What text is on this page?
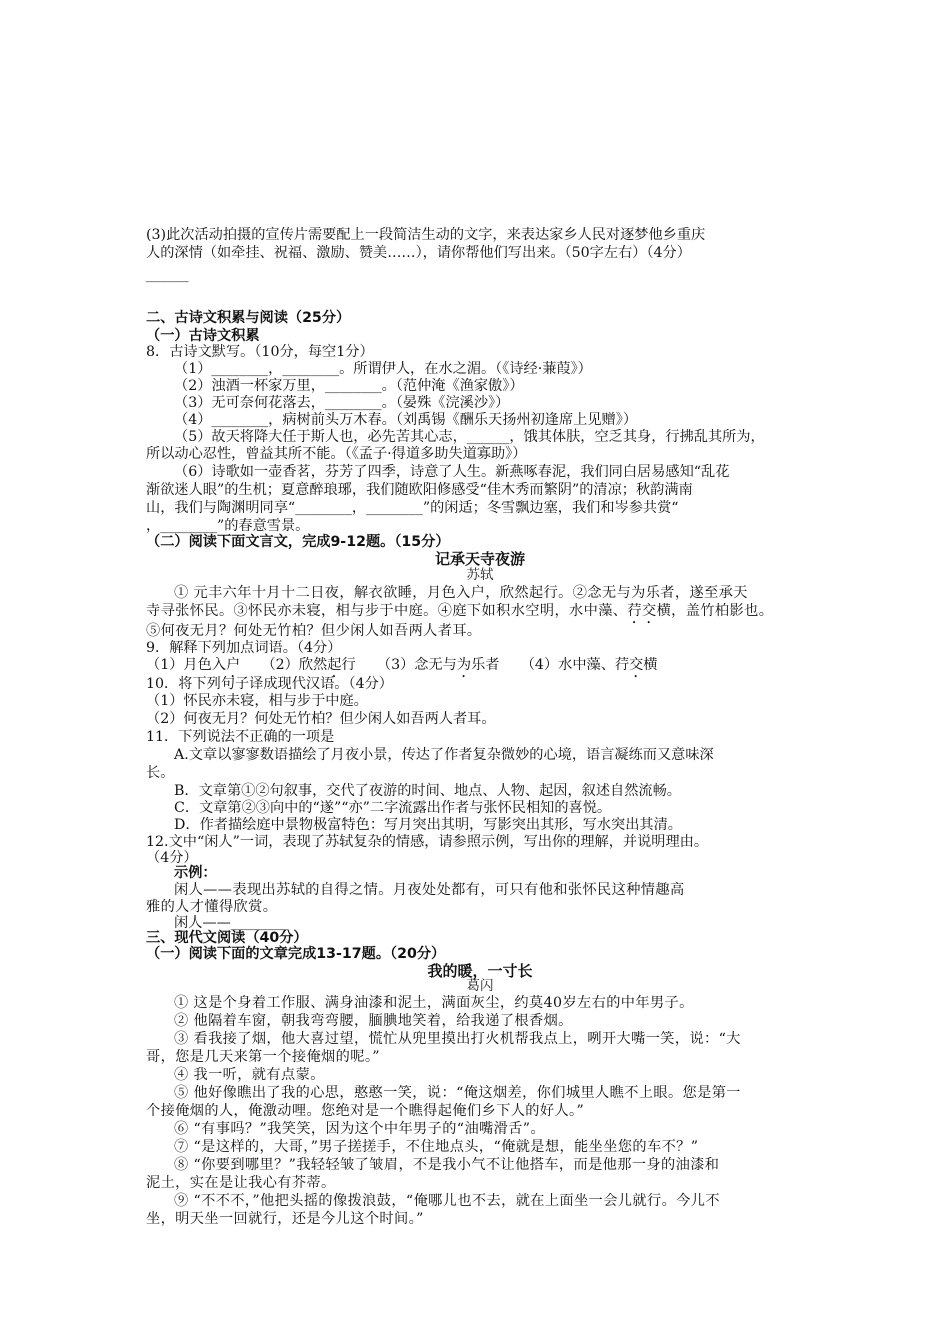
(3)此次活动拍摄的宣传片需要配上一段简洁生动的文字，来表达家乡人民对逐梦他乡重庆
人的深情（如牵挂、祝福、激励、赞美……），请你帮他们写出来。（50字左右）（4分）
______
二、古诗文积累与阅读（25分）
（一）古诗文积累
8．古诗文默写。（10分，每空1分）
（1）________，________。所谓伊人，在水之湄。（《诗经·蒹葭》）
（2）浊酒一杯家万里，________。（范仲淹《渔家傲》）
（3）无可奈何花落去，________。（晏殊《浣溪沙》）
（4）________，病树前头万木春。（刘禹锡《酬乐天扬州初逢席上见赠》）
（5）故天将降大任于斯人也，必先苦其心志，______，饿其体肤，空乏其身，行拂乱其所为，
所以动心忍性，曾益其所不能。（《孟子·得道多助失道寡助》）
（6）诗歌如一壶香茗，芬芳了四季，诗意了人生。新燕啄春泥，我们同白居易感知“乱花
渐欲迷人眼”的生机；夏意醉琅琊，我们随欧阳修感受“佳木秀而繁阴”的清凉；秋韵满南
山，我们与陶渊明同享“________，________”的闲适；冬雪飘边塞，我们和岑参共赏“
，________”的春意雪景。
（二）阅读下面文言文，完成9-12题。（15分）
记承天寺夜游
苏轼
① 元丰六年十月十二日夜，解衣欲睡，月色入户，欣然起行。②念无与为乐者，遂至承天
寺寻张怀民。③怀民亦未寝，相与步于中庭。④庭下如积水空明，水中藻、荇交横，盖竹柏影也。
⑤何夜无月？何处无竹柏？但少闲人如吾两人者耳。
9．解释下列加点词语。（4分）
（1）月色入户　　（2）欣然起行　　（3）念无与为乐者　　（4）水中藻、荇交横
10．将下列句子译成现代汉语。（4分）
（1）怀民亦未寝，相与步于中庭。
（2）何夜无月？何处无竹柏？但少闲人如吾两人者耳。
11．下列说法不正确的一项是
A.文章以寥寥数语描绘了月夜小景，传达了作者复杂微妙的心境，语言凝练而又意味深
长。
B．文章第①②句叙事，交代了夜游的时间、地点、人物、起因，叙述自然流畅。
C．文章第②③向中的“遂”“亦”二字流露出作者与张怀民相知的喜悦。
D．作者描绘庭中景物极富特色：写月突出其明，写影突出其形，写水突出其清。
12.文中“闲人”一词，表现了苏轼复杂的情感，请参照示例，写出你的理解，并说明理由。
（4分）
示例：
闲人——表现出苏轼的自得之情。月夜处处都有，可只有他和张怀民这种情趣高
雅的人才懂得欣赏。
闲人——________
三、现代文阅读（40分）
（一）阅读下面的文章完成13-17题。（20分）
我的暖，一寸长
葛闪
① 这是个身着工作服、满身油漆和泥土，满面灰尘，约莫40岁左右的中年男子。
② 他隔着车窗，朝我弯弯腰，腼腆地笑着，给我递了根香烟。
③ 看我接了烟，他大喜过望，慌忙从兜里摸出打火机帮我点上，咧开大嘴一笑，说：“大
哥，您是几天来第一个接俺烟的呢。”
④ 我一听，就有点蒙。
⑤ 他好像瞧出了我的心思，憨憨一笑，说：“俺这烟差，你们城里人瞧不上眼。您是第一
个接俺烟的人，俺激动哩。您绝对是一个瞧得起俺们乡下人的好人。”
⑥ “有事吗？”我笑笑，因为这个中年男子的“油嘴滑舌”。
⑦ “是这样的，大哥，”男子搓搓手，不住地点头，“俺就是想，能坐坐您的车不？”
⑧ “你要到哪里？”我轻轻皱了皱眉，不是我小气不让他搭车，而是他那一身的油漆和
泥土，实在是让我心有芥蒂。
⑨ “不不不，”他把头摇的像拨浪鼓，“俺哪儿也不去，就在上面坐一会儿就行。今儿不
坐，明天坐一回就行，还是今儿这个时间。”
